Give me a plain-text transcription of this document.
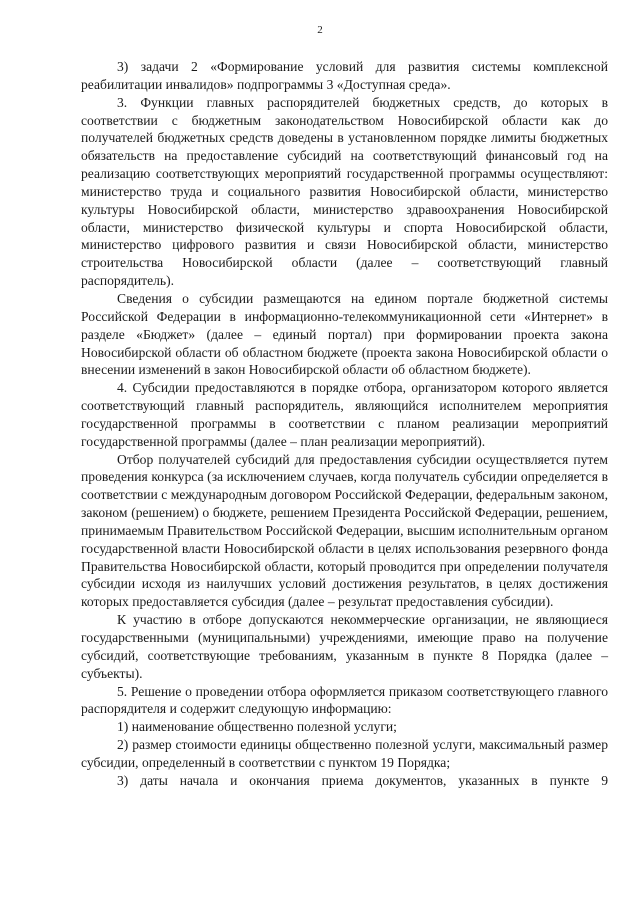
2

3) задачи 2 «Формирование условий для развития системы комплексной реабилитации инвалидов» подпрограммы 3 «Доступная среда».

3. Функции главных распорядителей бюджетных средств, до которых в соответствии с бюджетным законодательством Новосибирской области как до получателей бюджетных средств доведены в установленном порядке лимиты бюджетных обязательств на предоставление субсидий на соответствующий финансовый год на реализацию соответствующих мероприятий государственной программы осуществляют: министерство труда и социального развития Новосибирской области, министерство культуры Новосибирской области, министерство здравоохранения Новосибирской области, министерство физической культуры и спорта Новосибирской области, министерство цифрового развития и связи Новосибирской области, министерство строительства Новосибирской области (далее – соответствующий главный распорядитель).

Сведения о субсидии размещаются на едином портале бюджетной системы Российской Федерации в информационно-телекоммуникационной сети «Интернет» в разделе «Бюджет» (далее – единый портал) при формировании проекта закона Новосибирской области об областном бюджете (проекта закона Новосибирской области о внесении изменений в закон Новосибирской области об областном бюджете).

4. Субсидии предоставляются в порядке отбора, организатором которого является соответствующий главный распорядитель, являющийся исполнителем мероприятия государственной программы в соответствии с планом реализации мероприятий государственной программы (далее – план реализации мероприятий).

Отбор получателей субсидий для предоставления субсидии осуществляется путем проведения конкурса (за исключением случаев, когда получатель субсидии определяется в соответствии с международным договором Российской Федерации, федеральным законом, законом (решением) о бюджете, решением Президента Российской Федерации, решением, принимаемым Правительством Российской Федерации, высшим исполнительным органом государственной власти Новосибирской области в целях использования резервного фонда Правительства Новосибирской области, который проводится при определении получателя субсидии исходя из наилучших условий достижения результатов, в целях достижения которых предоставляется субсидия (далее – результат предоставления субсидии).

К участию в отборе допускаются некоммерческие организации, не являющиеся государственными (муниципальными) учреждениями, имеющие право на получение субсидий, соответствующие требованиям, указанным в пункте 8 Порядка (далее – субъекты).

5. Решение о проведении отбора оформляется приказом соответствующего главного распорядителя и содержит следующую информацию:

1) наименование общественно полезной услуги;

2) размер стоимости единицы общественно полезной услуги, максимальный размер субсидии, определенный в соответствии с пунктом 19 Порядка;

3) даты начала и окончания приема документов, указанных в пункте 9
